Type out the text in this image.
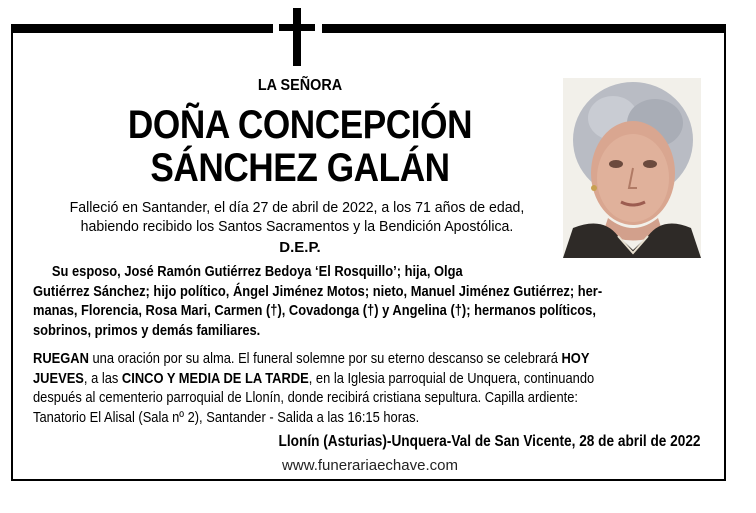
LA SEÑORA
DOÑA CONCEPCIÓN
SÁNCHEZ GALÁN
Falleció en Santander, el día 27 de abril de 2022, a los 71 años de edad,
habiendo recibido los Santos Sacramentos y la Bendición Apostólica.
D.E.P.

Su esposo, José Ramón Gutiérrez Bedoya ‘El Rosquillo’; hija, Olga

Gutiérrez Sánchez; hijo político, Ángel Jiménez Motos; nieto, Manuel Jiménez Gutiérrez; her-

manas, Florencia, Rosa Mari, Carmen (†), Covadonga (†) y Angelina (†); hermanos políticos,

sobrinos, primos y demás familiares.

RUEGAN una oración por su alma. El funeral solemne por su eterno descanso se celebrará HOY

JUEVES, a las CINCO Y MEDIA DE LA TARDE, en la Iglesia parroquial de Unquera, continuando

después al cementerio parroquial de Llonín, donde recibirá cristiana sepultura. Capilla ardiente:

Tanatorio El Alisal (Sala nº 2), Santander - Salida a las 16:15 horas.

Llonín (Asturias)-Unquera-Val de San Vicente, 28 de abril de 2022
www.funerariaechave.com
